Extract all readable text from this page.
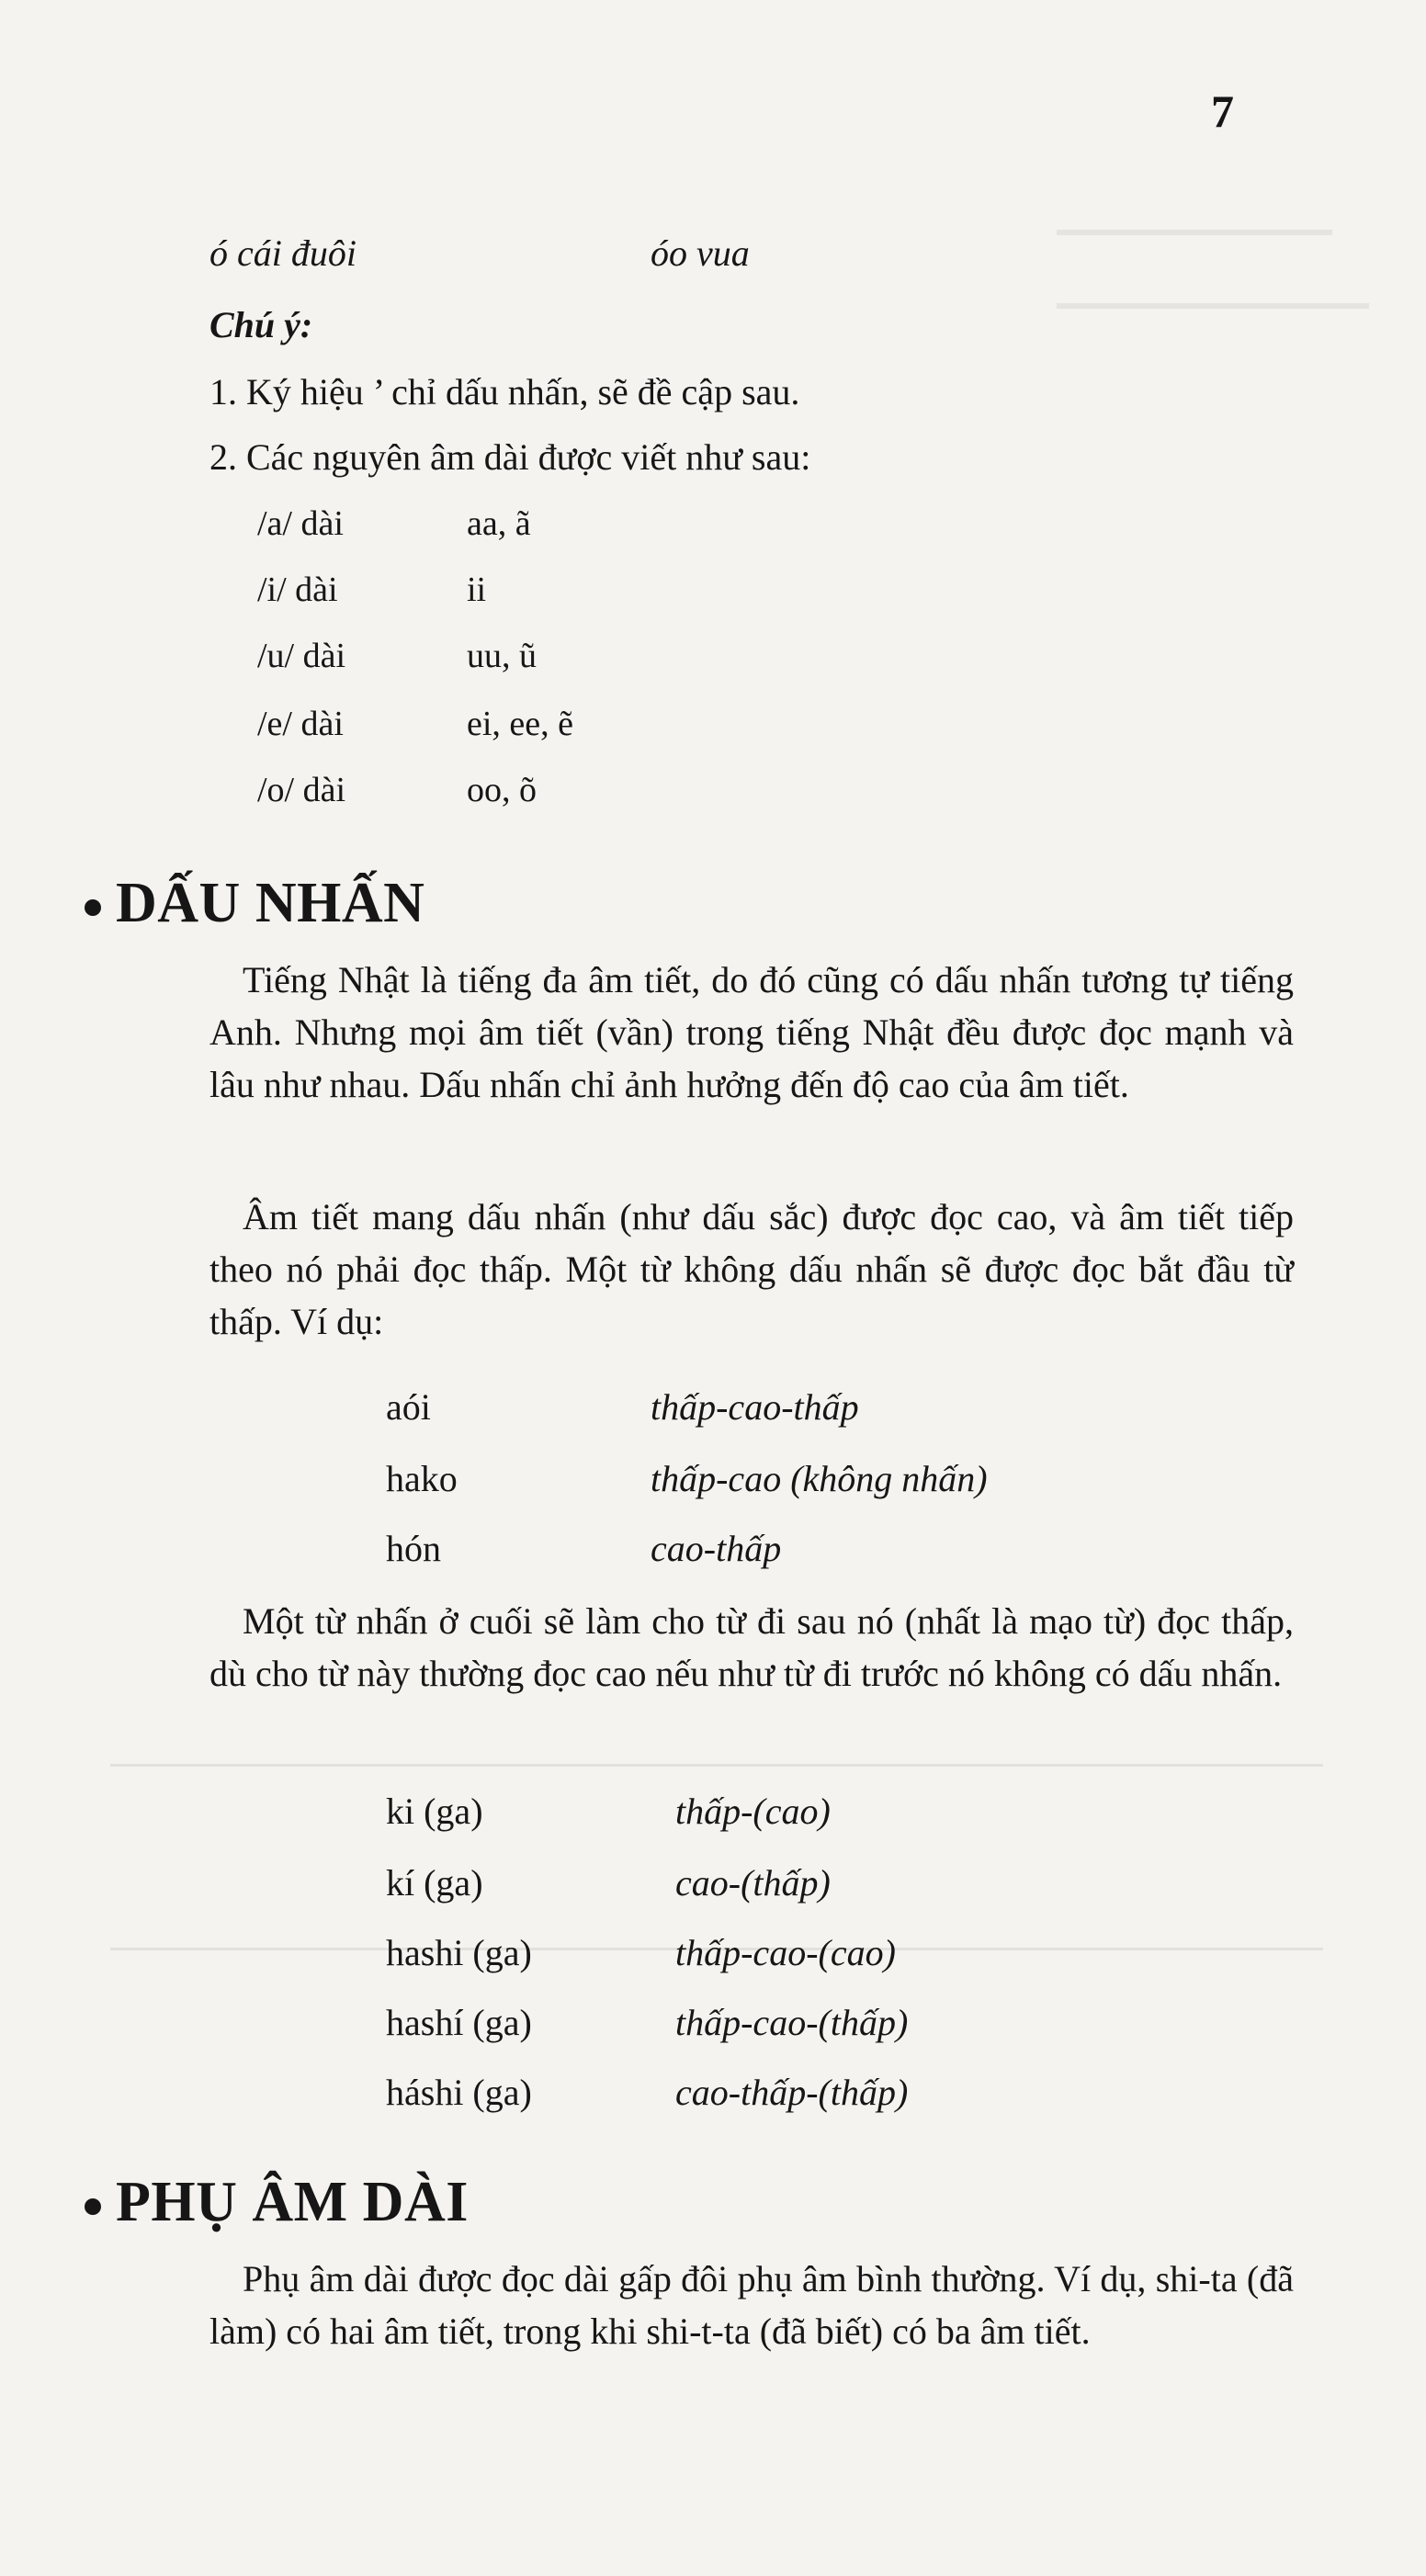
7
ó cái đuôi	óo vua
Chú ý:
1. Ký hiệu ’ chỉ dấu nhấn, sẽ đề cập sau.
2. Các nguyên âm dài được viết như sau:
/a/ dài	aa, ã
/i/ dài	ii
/u/ dài	uu, ũ
/e/ dài	ei, ee, ẽ
/o/ dài	oo, õ
DẤU NHẤN
Tiếng Nhật là tiếng đa âm tiết, do đó cũng có dấu nhấn tương tự tiếng Anh. Nhưng mọi âm tiết (vần) trong tiếng Nhật đều được đọc mạnh và lâu như nhau. Dấu nhấn chỉ ảnh hưởng đến độ cao của âm tiết.
Âm tiết mang dấu nhấn (như dấu sắc) được đọc cao, và âm tiết tiếp theo nó phải đọc thấp. Một từ không dấu nhấn sẽ được đọc bắt đầu từ thấp. Ví dụ:
aói	thấp-cao-thấp
hako	thấp-cao (không nhấn)
hón	cao-thấp
Một từ nhấn ở cuối sẽ làm cho từ đi sau nó (nhất là mạo từ) đọc thấp, dù cho từ này thường đọc cao nếu như từ đi trước nó không có dấu nhấn.
ki (ga)	thấp-(cao)
kí (ga)	cao-(thấp)
hashi (ga)	thấp-cao-(cao)
hashí (ga)	thấp-cao-(thấp)
háshi (ga)	cao-thấp-(thấp)
PHỤ ÂM DÀI
Phụ âm dài được đọc dài gấp đôi phụ âm bình thường. Ví dụ, shi-ta (đã làm) có hai âm tiết, trong khi shi-t-ta (đã biết) có ba âm tiết.
